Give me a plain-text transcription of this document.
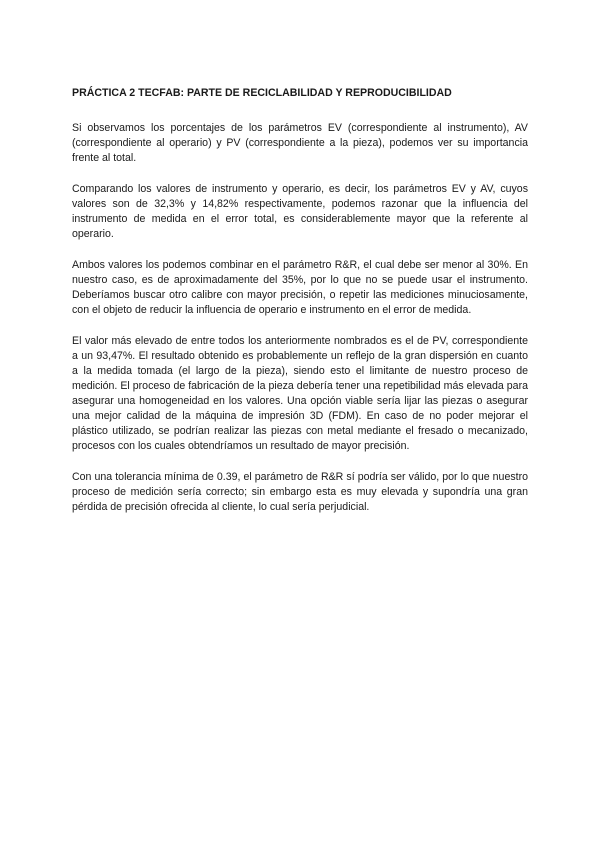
PRÁCTICA 2 TECFAB: PARTE DE RECICLABILIDAD Y REPRODUCIBILIDAD

Si observamos los porcentajes de los parámetros EV (correspondiente al instrumento), AV (correspondiente al operario) y PV (correspondiente a la pieza), podemos ver su importancia frente al total.

Comparando los valores de instrumento y operario, es decir, los parámetros EV y AV, cuyos valores son de 32,3% y 14,82% respectivamente, podemos razonar que la influencia del instrumento de medida en el error total, es considerablemente mayor que la referente al operario.

Ambos valores los podemos combinar en el parámetro R&R, el cual debe ser menor al 30%. En nuestro caso, es de aproximadamente del 35%, por lo que no se puede usar el instrumento. Deberíamos buscar otro calibre con mayor precisión, o repetir las mediciones minuciosamente, con el objeto de reducir la influencia de operario e instrumento en el error de medida.

El valor más elevado de entre todos los anteriormente nombrados es el de PV, correspondiente a un 93,47%. El resultado obtenido es probablemente un reflejo de la gran dispersión en cuanto a la medida tomada (el largo de la pieza), siendo esto el limitante de nuestro proceso de medición. El proceso de fabricación de la pieza debería tener una repetibilidad más elevada para asegurar una homogeneidad en los valores. Una opción viable sería lijar las piezas o asegurar una mejor calidad de la máquina de impresión 3D (FDM). En caso de no poder mejorar el plástico utilizado, se podrían realizar las piezas con metal mediante el fresado o mecanizado, procesos con los cuales obtendríamos un resultado de mayor precisión.

Con una tolerancia mínima de 0.39, el parámetro de R&R sí podría ser válido, por lo que nuestro proceso de medición sería correcto; sin embargo esta es muy elevada y supondría una gran pérdida de precisión ofrecida al cliente, lo cual sería perjudicial.
